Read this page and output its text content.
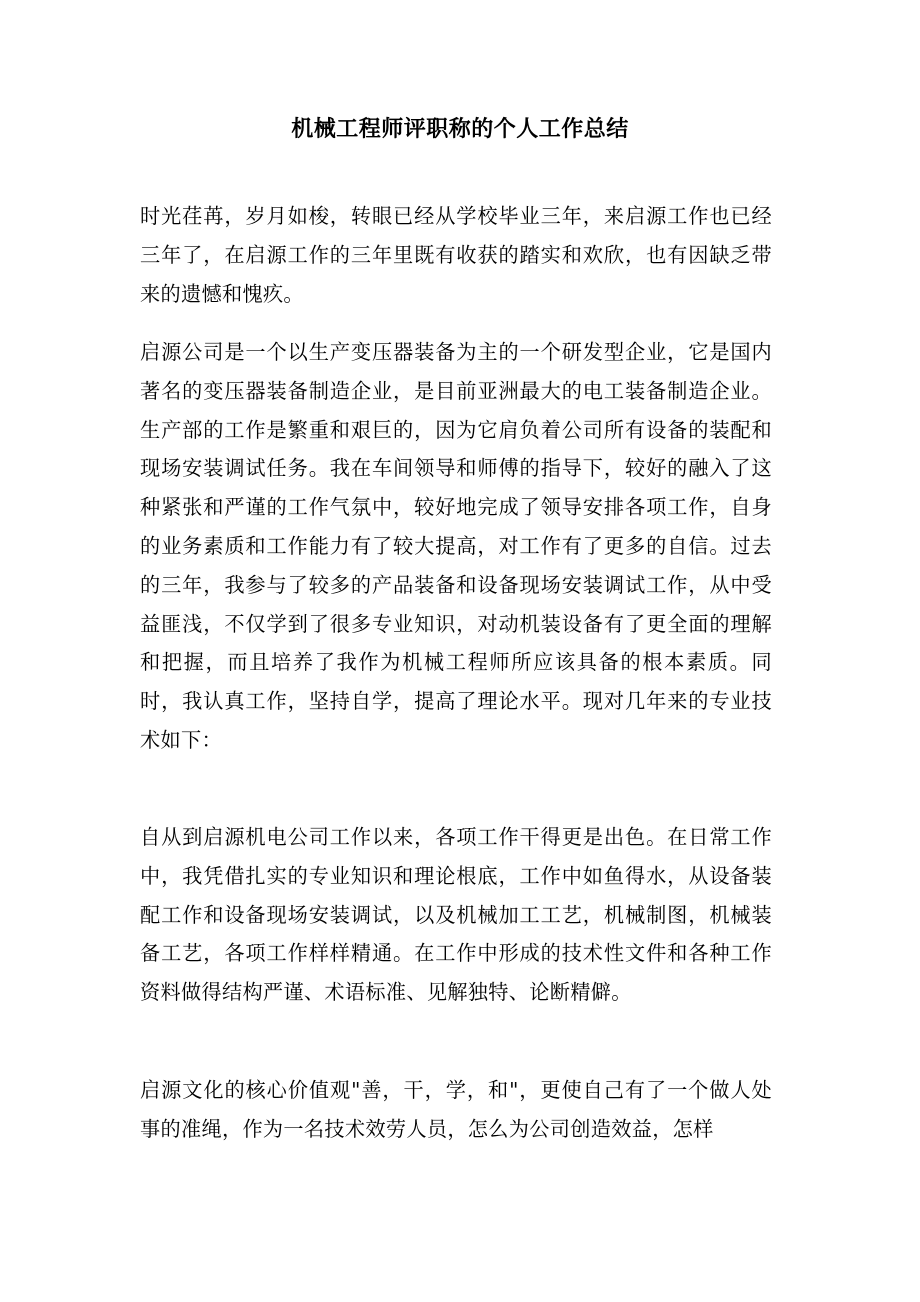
机械工程师评职称的个人工作总结

时光荏苒，岁月如梭，转眼已经从学校毕业三年，来启源工作也已经三年了，在启源工作的三年里既有收获的踏实和欢欣，也有因缺乏带来的遗憾和愧疚。

启源公司是一个以生产变压器装备为主的一个研发型企业，它是国内著名的变压器装备制造企业，是目前亚洲最大的电工装备制造企业。生产部的工作是繁重和艰巨的，因为它肩负着公司所有设备的装配和现场安装调试任务。我在车间领导和师傅的指导下，较好的融入了这种紧张和严谨的工作气氛中，较好地完成了领导安排各项工作，自身的业务素质和工作能力有了较大提高，对工作有了更多的自信。过去的三年，我参与了较多的产品装备和设备现场安装调试工作，从中受益匪浅，不仅学到了很多专业知识，对动机装设备有了更全面的理解和把握，而且培养了我作为机械工程师所应该具备的根本素质。同时，我认真工作，坚持自学，提高了理论水平。现对几年来的专业技术如下：

自从到启源机电公司工作以来，各项工作干得更是出色。在日常工作中，我凭借扎实的专业知识和理论根底，工作中如鱼得水，从设备装配工作和设备现场安装调试，以及机械加工工艺，机械制图，机械装备工艺，各项工作样样精通。在工作中形成的技术性文件和各种工作资料做得结构严谨、术语标准、见解独特、论断精僻。

启源文化的核心价值观"善，干，学，和"，更使自己有了一个做人处事的准绳，作为一名技术效劳人员，怎么为公司创造效益，怎样
